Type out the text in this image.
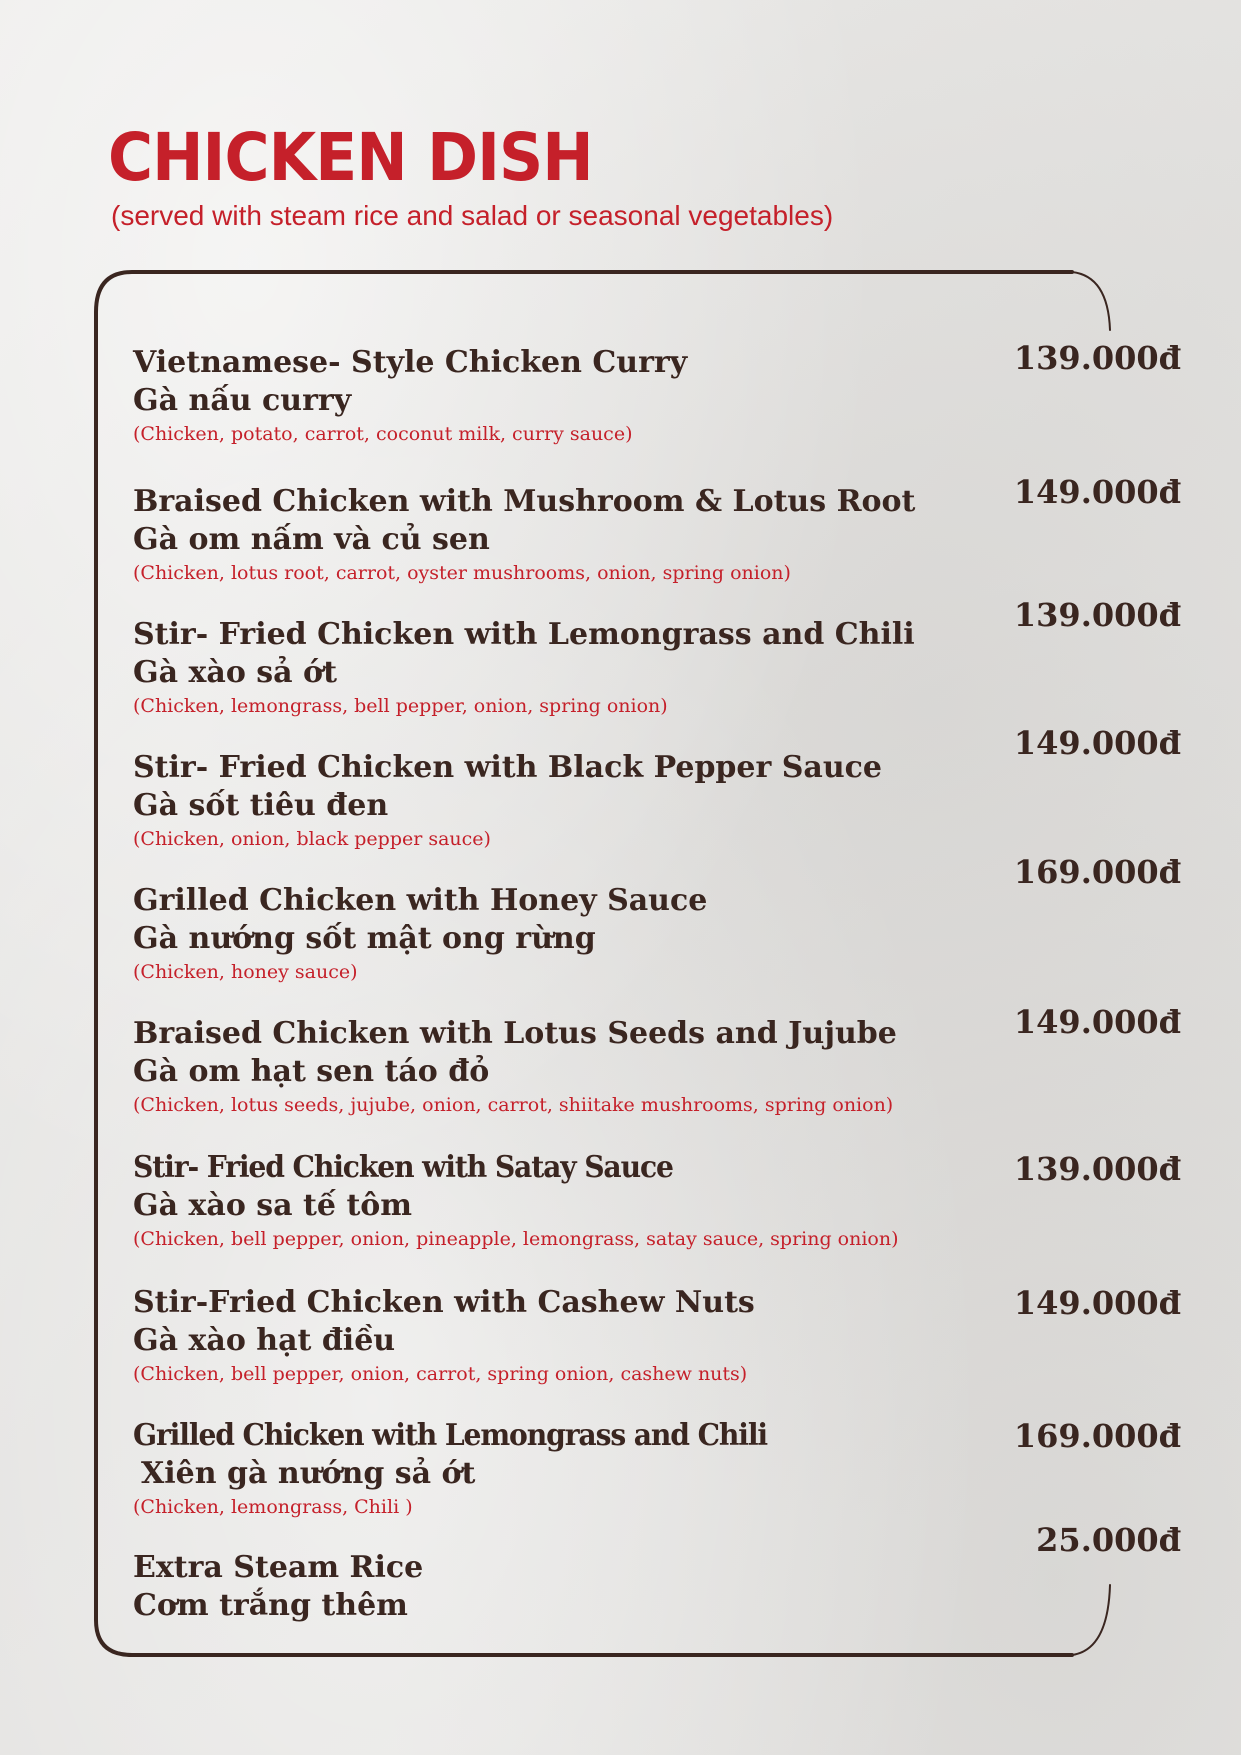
CHICKEN DISH

(served with steam rice and salad or seasonal vegetables)

Vietnamese- Style Chicken Curry
Gà nấu curry
(Chicken, potato, carrot, coconut milk, curry sauce)
139.000đ
Braised Chicken with Mushroom & Lotus Root
Gà om nấm và củ sen
(Chicken, lotus root, carrot, oyster mushrooms, onion, spring onion)
149.000đ
Stir- Fried Chicken with Lemongrass and Chili
Gà xào sả ớt
(Chicken, lemongrass, bell pepper, onion, spring onion)
139.000đ
Stir- Fried Chicken with Black Pepper Sauce
Gà sốt tiêu đen
(Chicken, onion, black pepper sauce)
149.000đ
Grilled Chicken with Honey Sauce
Gà nướng sốt mật ong rừng
(Chicken, honey sauce)
169.000đ
Braised Chicken with Lotus Seeds and Jujube
Gà om hạt sen táo đỏ
(Chicken, lotus seeds, jujube, onion, carrot, shiitake mushrooms, spring onion)
149.000đ
Stir- Fried Chicken with Satay Sauce
Gà xào sa tế tôm
(Chicken, bell pepper, onion, pineapple, lemongrass, satay sauce, spring onion)
139.000đ
Stir-Fried Chicken with Cashew Nuts
Gà xào hạt điều
(Chicken, bell pepper, onion, carrot, spring onion, cashew nuts)
149.000đ
Grilled Chicken with Lemongrass and Chili
Xiên gà nướng sả ớt
(Chicken, lemongrass, Chili )
169.000đ
Extra Steam Rice
Cơm trắng thêm
25.000đ
